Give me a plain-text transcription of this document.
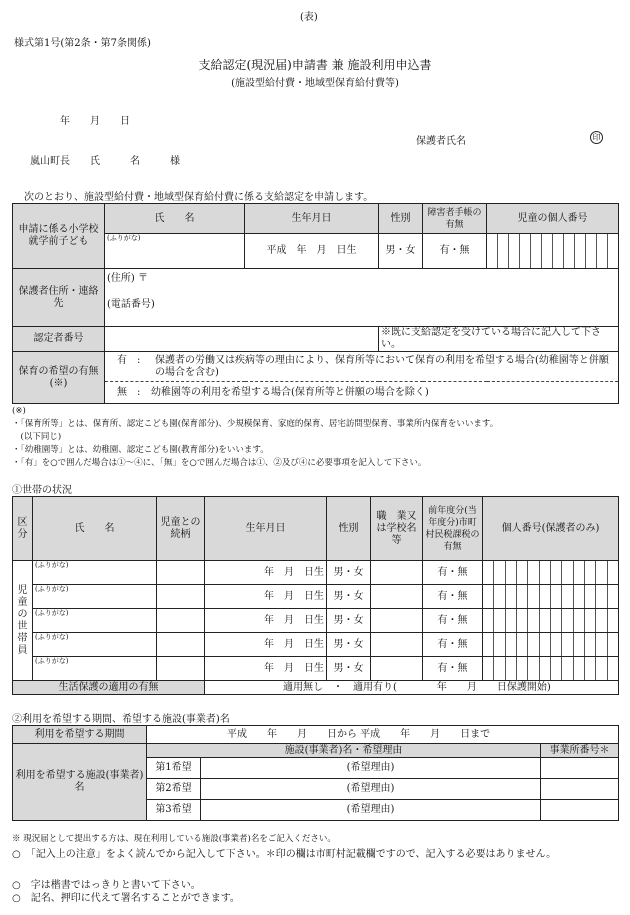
(表)
様式第1号(第2条・第7条関係)
支給認定(現況届)申請書 兼 施設利用申込書
(施設型給付費・地域型保育給付費等)
年　　月　　日
保護者氏名	印
嵐山町長　　氏　　　名　　　様
次のとおり、施設型給付費・地域型保育給付費に係る支給認定を申請します。
申請に係る小学校就学前子ども	氏　　名	生年月日	性別	障害者手帳の有無	児童の個人番号
	(ふりがな)	平成　年　月　日生	男・女	有・無	

保護者住所・連絡先	(住所) 〒
(電話番号)				

認定者番号			※既に支給認定を受けている場合に記入して下さい。		
保育の希望の有無(※)	有 : 保護者の労働又は疾病等の理由により、保育所等において保育の利用を希望する場合(幼稚園等と併願の場合を含む)				

	無 : 幼稚園等の利用を希望する場合(保育所等と併願の場合を除く)				
(※)
・「保育所等」とは、保育所、認定こども園(保育部分)、少規模保育、家庭的保育、居宅訪問型保育、事業所内保育をいいます。
　(以下同じ)
・「幼稚園等」とは、幼稚園、認定こども園(教育部分)をいいます。
・「有」を○で囲んだ場合は①～④に、「無」を○で囲んだ場合は①、②及び④に必要事項を記入して下さい。
①世帯の状況
区分	氏　　名	児童との続柄	生年月日	性別	職　業又は学校名等	前年度分(当年度分)市町村民税課税の有無	個人番号(保護者のみ)
児童の世帯員	(ふりがな)		年　月　日生	男・女		有・無	

	(ふりがな)		年　月　日生	男・女		有・無	

	(ふりがな)		年　月　日生	男・女		有・無	

	(ふりがな)		年　月　日生	男・女		有・無	

	(ふりがな)		年　月　日生	男・女		有・無	

生活保護の適用の有無			適用無し　・　適用有り(　　　　年　　月　　日保護開始)				
②利用を希望する期間、希望する施設(事業者)名
利用を希望する期間	平成　　年　　月　　日から 平成　　年　　月　　日まで		
利用を希望する施設(事業者)名	施設(事業者)名・希望理由		事業所番号＊
	第1希望	(希望理由)	
	第2希望	(希望理由)	
	第3希望	(希望理由)	
※ 現況届として提出する方は、現在利用している施設(事業者)名をご記入ください。
○　「記入上の注意」をよく読んでから記入して下さい。＊印の欄は市町村記載欄ですので、記入する必要はありません。
○　字は楷書ではっきりと書いて下さい。
○　記名、押印に代えて署名することができます。
